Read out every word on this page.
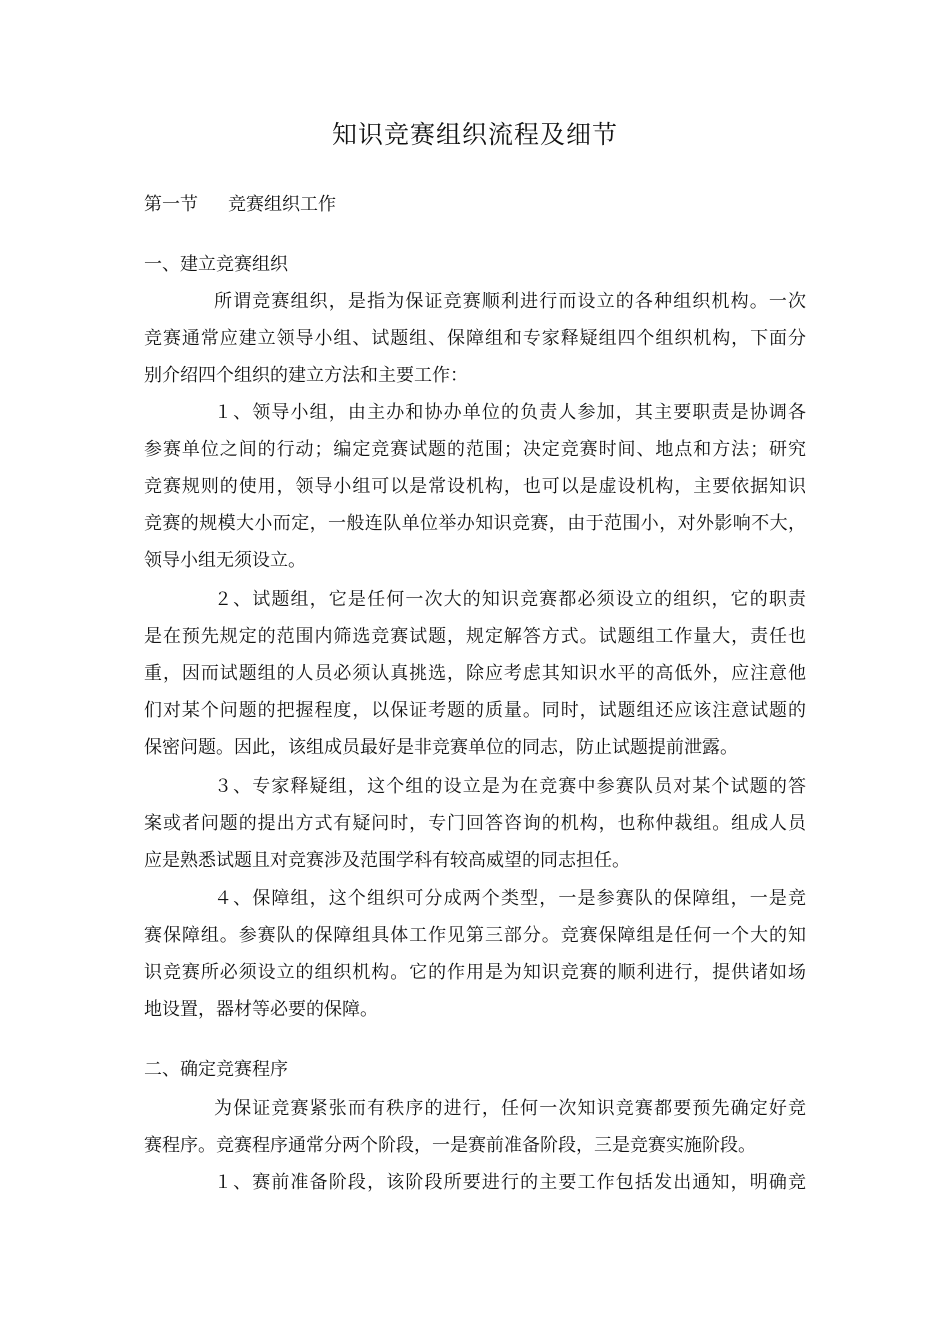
知识竞赛组织流程及细节
第一节 竞赛组织工作
一、建立竞赛组织
所谓竞赛组织，是指为保证竞赛顺利进行而设立的各种组织机构。一次
竞赛通常应建立领导小组、试题组、保障组和专家释疑组四个组织机构，下面分
别介绍四个组织的建立方法和主要工作：
１、领导小组，由主办和协办单位的负责人参加，其主要职责是协调各
参赛单位之间的行动；编定竞赛试题的范围；决定竞赛时间、地点和方法；研究
竞赛规则的使用，领导小组可以是常设机构，也可以是虚设机构，主要依据知识
竞赛的规模大小而定，一般连队单位举办知识竞赛，由于范围小，对外影响不大，
领导小组无须设立。
２、试题组，它是任何一次大的知识竞赛都必须设立的组织，它的职责
是在预先规定的范围内筛选竞赛试题，规定解答方式。试题组工作量大，责任也
重，因而试题组的人员必须认真挑选，除应考虑其知识水平的高低外，应注意他
们对某个问题的把握程度，以保证考题的质量。同时，试题组还应该注意试题的
保密问题。因此，该组成员最好是非竞赛单位的同志，防止试题提前泄露。
３、专家释疑组，这个组的设立是为在竞赛中参赛队员对某个试题的答
案或者问题的提出方式有疑问时，专门回答咨询的机构，也称仲裁组。组成人员
应是熟悉试题且对竞赛涉及范围学科有较高威望的同志担任。
４、保障组，这个组织可分成两个类型，一是参赛队的保障组，一是竞
赛保障组。参赛队的保障组具体工作见第三部分。竞赛保障组是任何一个大的知
识竞赛所必须设立的组织机构。它的作用是为知识竞赛的顺利进行，提供诸如场
地设置，器材等必要的保障。
二、确定竞赛程序
为保证竞赛紧张而有秩序的进行，任何一次知识竞赛都要预先确定好竞
赛程序。竞赛程序通常分两个阶段，一是赛前准备阶段，三是竞赛实施阶段。
１、赛前准备阶段，该阶段所要进行的主要工作包括发出通知，明确竞
